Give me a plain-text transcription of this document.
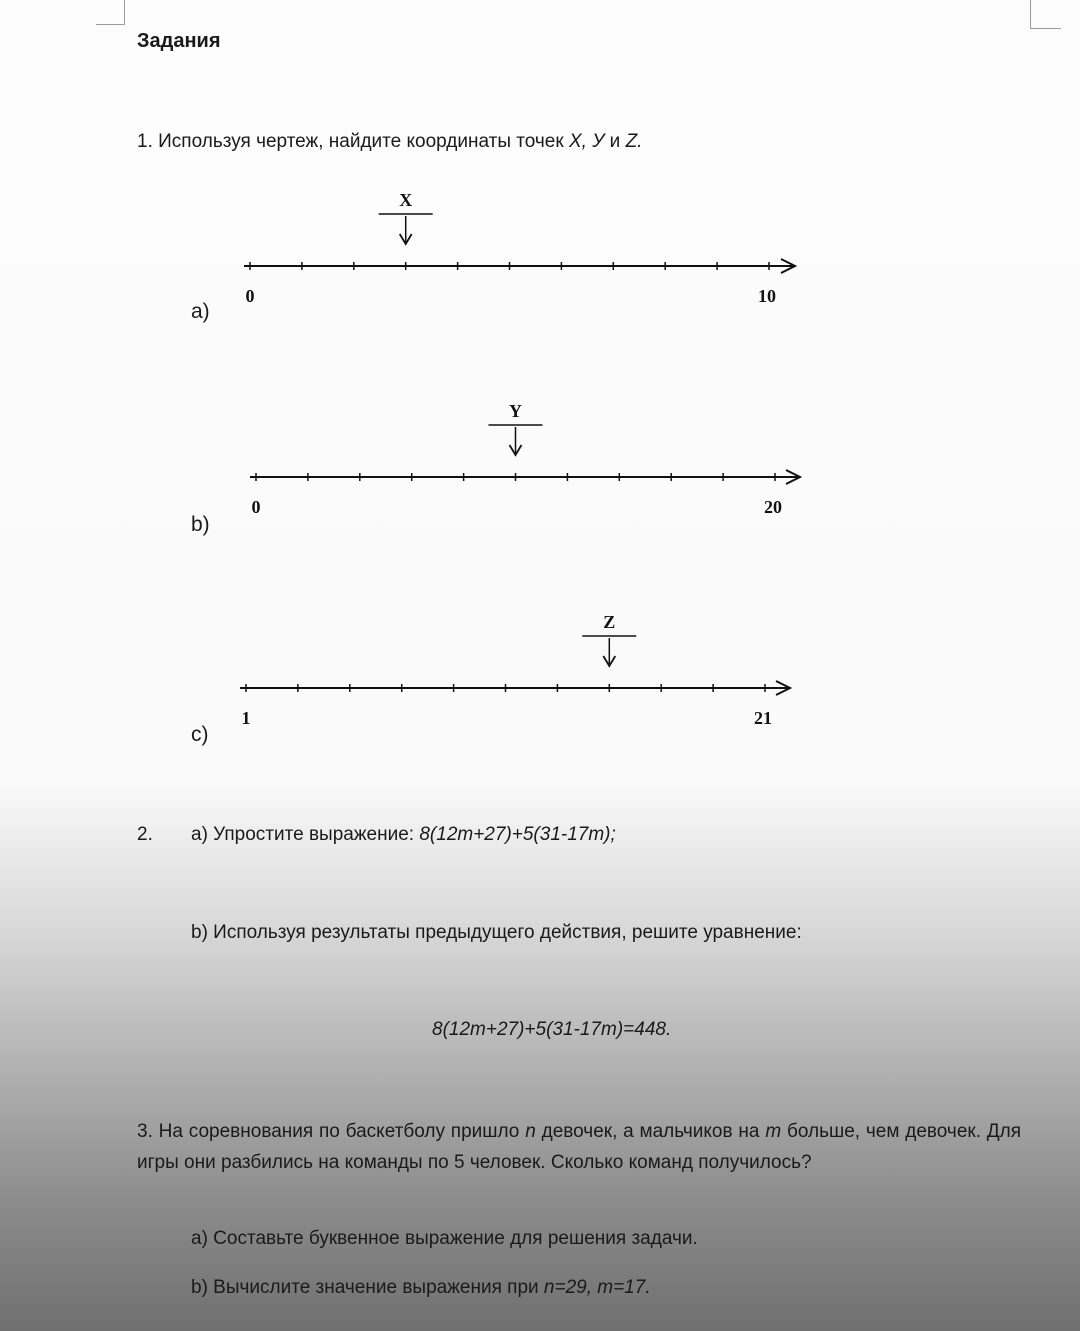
Задания
1. Используя чертеж, найдите координаты точек X, У и Z.
0	10
X
0	20
Y
1	21
Z
a)
b)
c)
2. а) Упростите выражение: 8(12m+27)+5(31-17m);
b) Используя результаты предыдущего действия, решите уравнение:
8(12m+27)+5(31-17m)=448.
3. На соревнования по баскетболу пришло n девочек, а мальчиков на m больше, чем девочек. Для игры они разбились на команды по 5 человек. Сколько команд получилось?
а) Составьте буквенное выражение для решения задачи.
b) Вычислите значение выражения при n=29, m=17.
